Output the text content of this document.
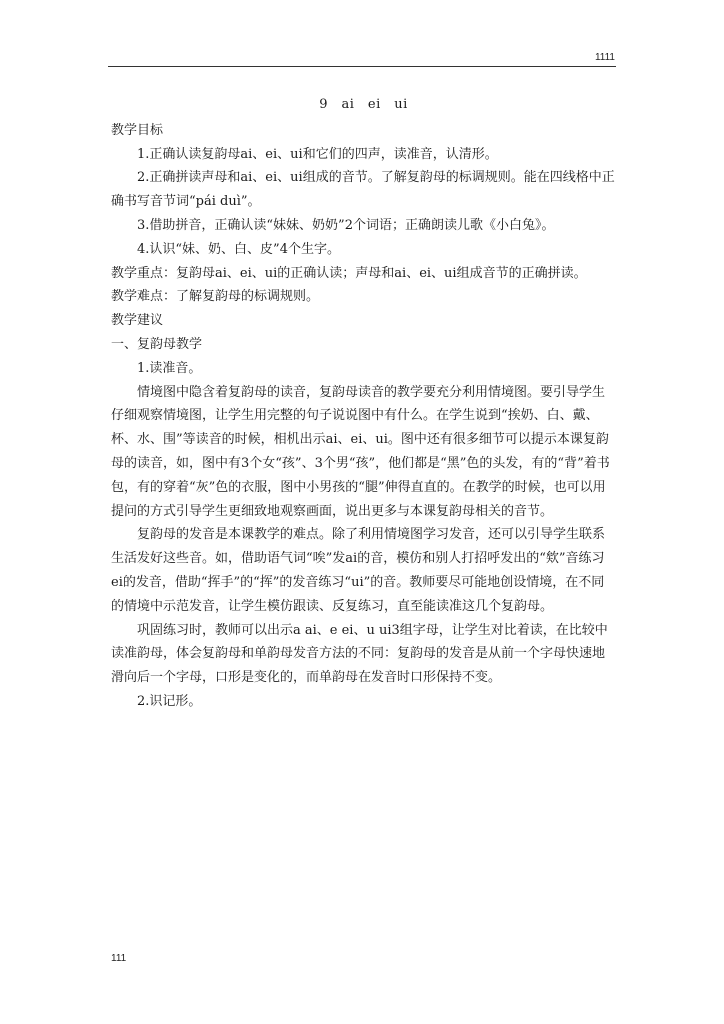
1111

9　ai　ei　ui

教学目标

1.正确认读复韵母ai、ei、ui和它们的四声，读准音，认清形。

2.正确拼读声母和ai、ei、ui组成的音节。了解复韵母的标调规则。能在四线格中正确书写音节词“pái duì”。

3.借助拼音，正确认读“妹妹、奶奶”2个词语；正确朗读儿歌《小白兔》。

4.认识“妹、奶、白、皮”4个生字。

教学重点：复韵母ai、ei、ui的正确认读；声母和ai、ei、ui组成音节的正确拼读。

教学难点：了解复韵母的标调规则。

教学建议

一、复韵母教学

1.读准音。

情境图中隐含着复韵母的读音，复韵母读音的教学要充分利用情境图。要引导学生仔细观察情境图，让学生用完整的句子说说图中有什么。在学生说到“挨奶、白、戴、杯、水、围”等读音的时候，相机出示ai、ei、ui。图中还有很多细节可以提示本课复韵母的读音，如，图中有3个女“孩”、3个男“孩”，他们都是“黑”色的头发，有的“背”着书包，有的穿着“灰”色的衣服，图中小男孩的“腿”伸得直直的。在教学的时候，也可以用提问的方式引导学生更细致地观察画面，说出更多与本课复韵母相关的音节。

复韵母的发音是本课教学的难点。除了利用情境图学习发音，还可以引导学生联系生活发好这些音。如，借助语气词“唉”发ai的音，模仿和别人打招呼发出的“欸”音练习ei的发音，借助“挥手”的“挥”的发音练习“ui”的音。教师要尽可能地创设情境，在不同的情境中示范发音，让学生模仿跟读、反复练习，直至能读准这几个复韵母。

巩固练习时，教师可以出示a ai、e ei、u ui3组字母，让学生对比着读，在比较中读准韵母，体会复韵母和单韵母发音方法的不同：复韵母的发音是从前一个字母快速地滑向后一个字母，口形是变化的，而单韵母在发音时口形保持不变。

2.识记形。

111
